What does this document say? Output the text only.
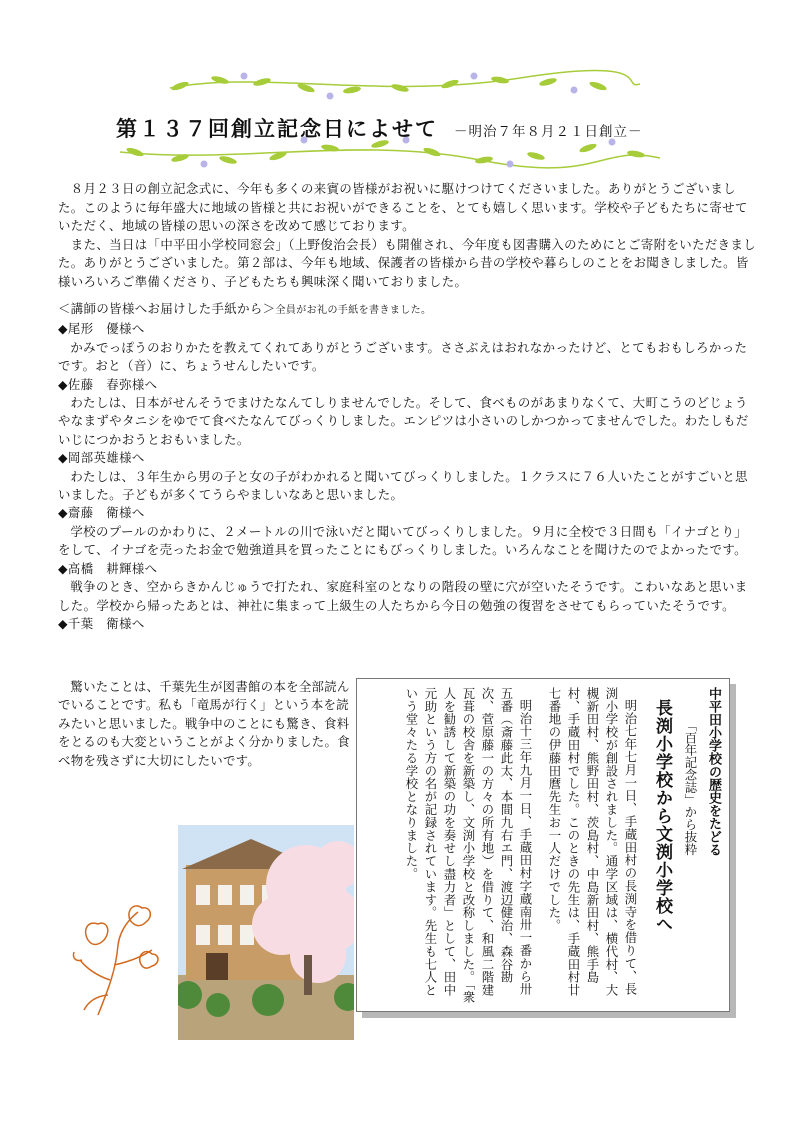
第１３７回創立記念日によせて －明治７年８月２１日創立－

　８月２３日の創立記念式に、今年も多くの来賓の皆様がお祝いに駆けつけてくださいました。ありがとうございました。このように毎年盛大に地域の皆様と共にお祝いができることを、とても嬉しく思います。学校や子どもたちに寄せていただく、地域の皆様の思いの深さを改めて感じております。

　また、当日は「中平田小学校同窓会」（上野俊治会長）も開催され、今年度も図書購入のためにとご寄附をいただきました。ありがとうございました。第２部は、今年も地域、保護者の皆様から昔の学校や暮らしのことをお聞きしました。皆様いろいろご準備くださり、子どもたちも興味深く聞いておりました。

＜講師の皆様へお届けした手紙から＞全員がお礼の手紙を書きました。

◆尾形　優様へ

かみでっぽうのおりかたを教えてくれてありがとうございます。ささぶえはおれなかったけど、とてもおもしろかったです。おと（音）に、ちょうせんしたいです。

◆佐藤　春弥様へ

わたしは、日本がせんそうでまけたなんてしりませんでした。そして、食べものがあまりなくて、大町こうのどじょうやなまずやタニシをゆでて食べたなんてびっくりしました。エンピツは小さいのしかつかってませんでした。わたしもだいじにつかおうとおもいました。

◆岡部英雄様へ

わたしは、３年生から男の子と女の子がわかれると聞いてびっくりしました。１クラスに７６人いたことがすごいと思いました。子どもが多くてうらやましいなあと思いました。

◆齋藤　衛様へ

学校のプールのかわりに、２メートルの川で泳いだと聞いてびっくりしました。９月に全校で３日間も「イナゴとり」をして、イナゴを売ったお金で勉強道具を買ったことにもびっくりしました。いろんなことを聞けたのでよかったです。

◆高橋　耕輝様へ

戦争のとき、空からきかんじゅうで打たれ、家庭科室のとなりの階段の壁に穴が空いたそうです。こわいなあと思いました。学校から帰ったあとは、神社に集まって上級生の人たちから今日の勉強の復習をさせてもらっていたそうです。

◆千葉　衛様へ

驚いたことは、千葉先生が図書館の本を全部読んでいることです。私も「竜馬が行く」という本を読みたいと思いました。戦争中のことにも驚き、食料をとるのも大変ということがよく分かりました。食べ物を残さずに大切にしたいです。	中平田小学校の歴史をたどる
「百年記念誌」から抜粋
長渕小学校から文渕小学校へ
明治七年七月一日、手蔵田村の長渕寺を借りて、長渕小学校が創設されました。通学区域は、横代村、大槻新田村、熊野田村、茨島村、中島新田村、熊手島村、手蔵田村でした。このときの先生は、手蔵田村廿七番地の伊藤田麿先生お一人だけでした。
明治十三年九月一日、手蔵田村字蔵南卅一番から卅五番（斎藤此太、本間九右エ門、渡辺健治、森谷勘次、菅原藤一の方々の所有地）を借りて、和風二階建瓦葺の校舎を新築し、文渕小学校と改称しました。「衆人を勧誘して新築の功を奏せし盡力者」として、田中元助という方の名が記録されています。先生も七人という堂々たる学校となりました。
